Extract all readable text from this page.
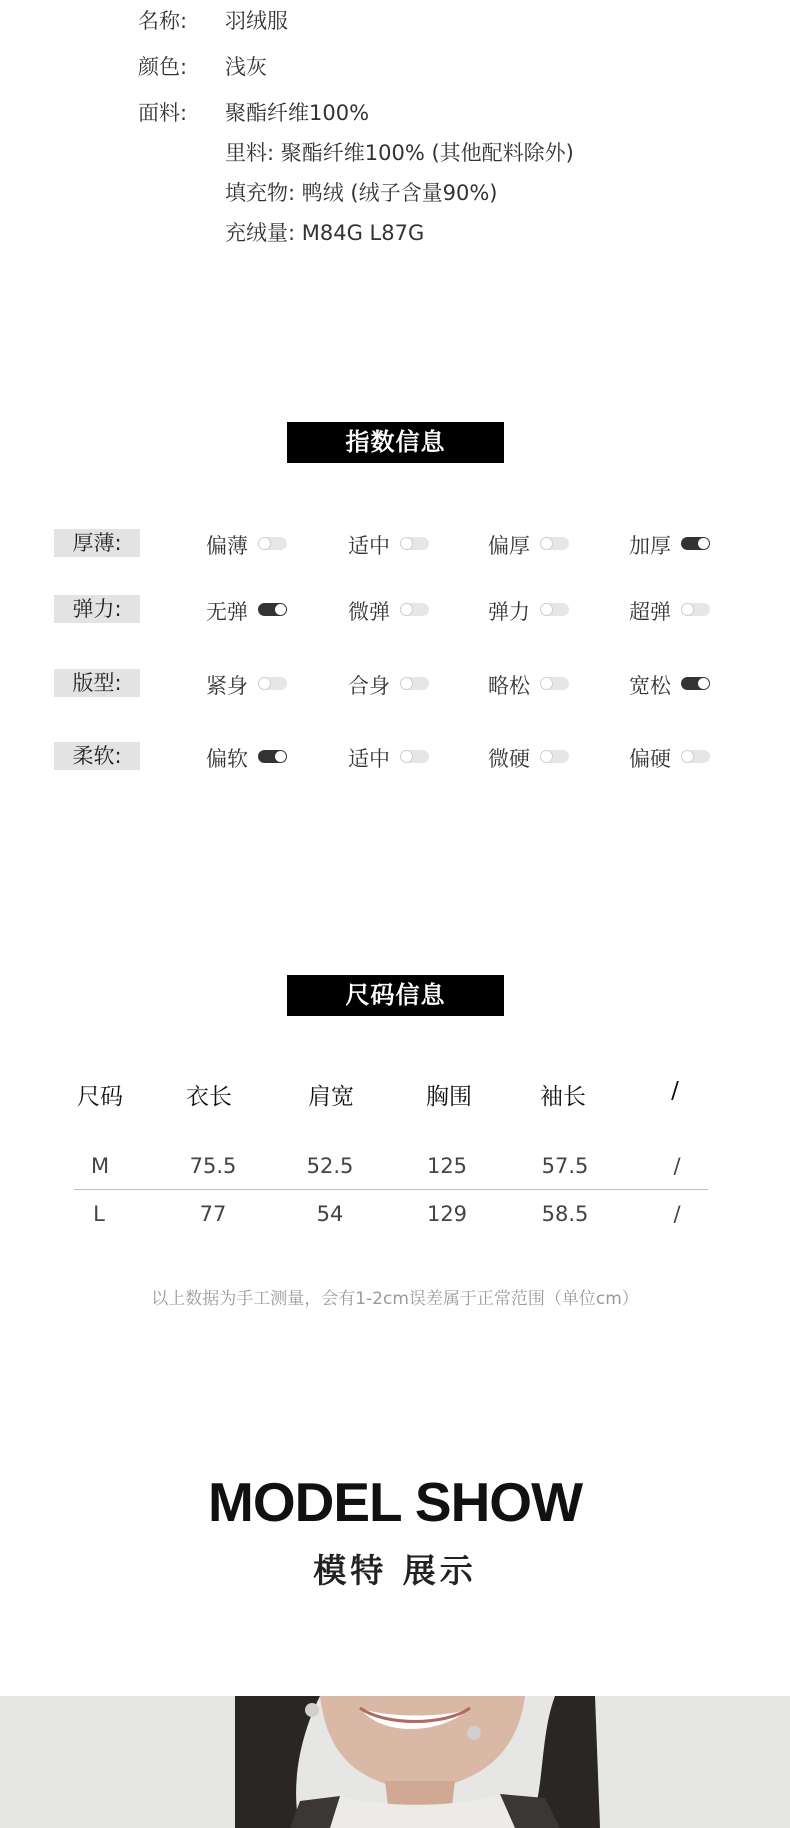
名称:	羽绒服
颜色:	浅灰
面料:	聚酯纤维100%
里料: 聚酯纤维100% (其他配料除外)
填充物: 鸭绒 (绒子含量90%)
充绒量: M84G L87G
指数信息
厚薄:	偏薄	适中	偏厚	加厚
弹力:	无弹	微弹	弹力	超弹
版型:	紧身	合身	略松	宽松
柔软:	偏软	适中	微硬	偏硬
尺码信息
尺码	衣长	肩宽	胸围	袖长	/
M	75.5	52.5	125	57.5	/
L	77	54	129	58.5	/
以上数据为手工测量，会有1-2cm误差属于正常范围（单位cm）
MODEL SHOW
模特 展示
